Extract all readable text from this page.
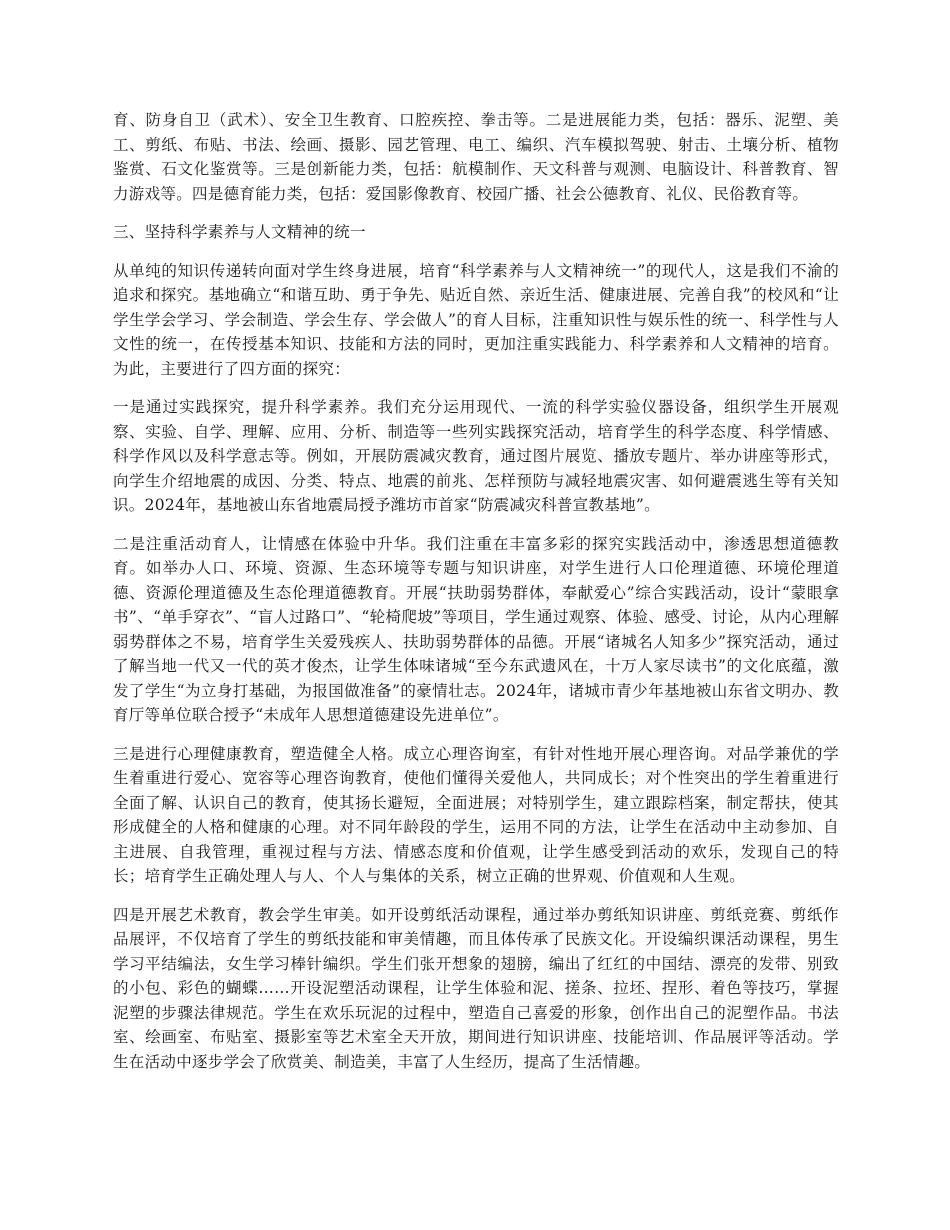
育、防身自卫（武术）、安全卫生教育、口腔疾控、拳击等。二是进展能力类，包括：器乐、泥塑、美工、剪纸、布贴、书法、绘画、摄影、园艺管理、电工、编织、汽车模拟驾驶、射击、土壤分析、植物鉴赏、石文化鉴赏等。三是创新能力类，包括：航模制作、天文科普与观测、电脑设计、科普教育、智力游戏等。四是德育能力类，包括：爱国影像教育、校园广播、社会公德教育、礼仪、民俗教育等。

三、坚持科学素养与人文精神的统一

从单纯的知识传递转向面对学生终身进展，培育“科学素养与人文精神统一”的现代人，这是我们不渝的追求和探究。基地确立“和谐互助、勇于争先、贴近自然、亲近生活、健康进展、完善自我”的校风和“让学生学会学习、学会制造、学会生存、学会做人”的育人目标，注重知识性与娱乐性的统一、科学性与人文性的统一，在传授基本知识、技能和方法的同时，更加注重实践能力、科学素养和人文精神的培育。为此，主要进行了四方面的探究：

一是通过实践探究，提升科学素养。我们充分运用现代、一流的科学实验仪器设备，组织学生开展观察、实验、自学、理解、应用、分析、制造等一些列实践探究活动，培育学生的科学态度、科学情感、科学作风以及科学意志等。例如，开展防震减灾教育，通过图片展览、播放专题片、举办讲座等形式，向学生介绍地震的成因、分类、特点、地震的前兆、怎样预防与减轻地震灾害、如何避震逃生等有关知识。2024年，基地被山东省地震局授予潍坊市首家“防震减灾科普宣教基地”。

二是注重活动育人，让情感在体验中升华。我们注重在丰富多彩的探究实践活动中，渗透思想道德教育。如举办人口、环境、资源、生态环境等专题与知识讲座，对学生进行人口伦理道德、环境伦理道德、资源伦理道德及生态伦理道德教育。开展“扶助弱势群体，奉献爱心”综合实践活动，设计“蒙眼拿书”、“单手穿衣”、“盲人过路口”、“轮椅爬坡”等项目，学生通过观察、体验、感受、讨论，从内心理解弱势群体之不易，培育学生关爱残疾人、扶助弱势群体的品德。开展“诸城名人知多少”探究活动，通过了解当地一代又一代的英才俊杰，让学生体味诸城“至今东武遗风在，十万人家尽读书”的文化底蕴，激发了学生“为立身打基础，为报国做准备”的豪情壮志。2024年，诸城市青少年基地被山东省文明办、教育厅等单位联合授予“未成年人思想道德建设先进单位”。

三是进行心理健康教育，塑造健全人格。成立心理咨询室，有针对性地开展心理咨询。对品学兼优的学生着重进行爱心、宽容等心理咨询教育，使他们懂得关爱他人，共同成长；对个性突出的学生着重进行全面了解、认识自己的教育，使其扬长避短，全面进展；对特别学生，建立跟踪档案，制定帮扶，使其形成健全的人格和健康的心理。对不同年龄段的学生，运用不同的方法，让学生在活动中主动参加、自主进展、自我管理，重视过程与方法、情感态度和价值观，让学生感受到活动的欢乐，发现自己的特长；培育学生正确处理人与人、个人与集体的关系，树立正确的世界观、价值观和人生观。

四是开展艺术教育，教会学生审美。如开设剪纸活动课程，通过举办剪纸知识讲座、剪纸竞赛、剪纸作品展评，不仅培育了学生的剪纸技能和审美情趣，而且体传承了民族文化。开设编织课活动课程，男生学习平结编法，女生学习棒针编织。学生们张开想象的翅膀，编出了红红的中国结、漂亮的发带、别致的小包、彩色的蝴蝶……开设泥塑活动课程，让学生体验和泥、搓条、拉坯、捏形、着色等技巧，掌握泥塑的步骤法律规范。学生在欢乐玩泥的过程中，塑造自己喜爱的形象，创作出自己的泥塑作品。书法室、绘画室、布贴室、摄影室等艺术室全天开放，期间进行知识讲座、技能培训、作品展评等活动。学生在活动中逐步学会了欣赏美、制造美，丰富了人生经历，提高了生活情趣。
